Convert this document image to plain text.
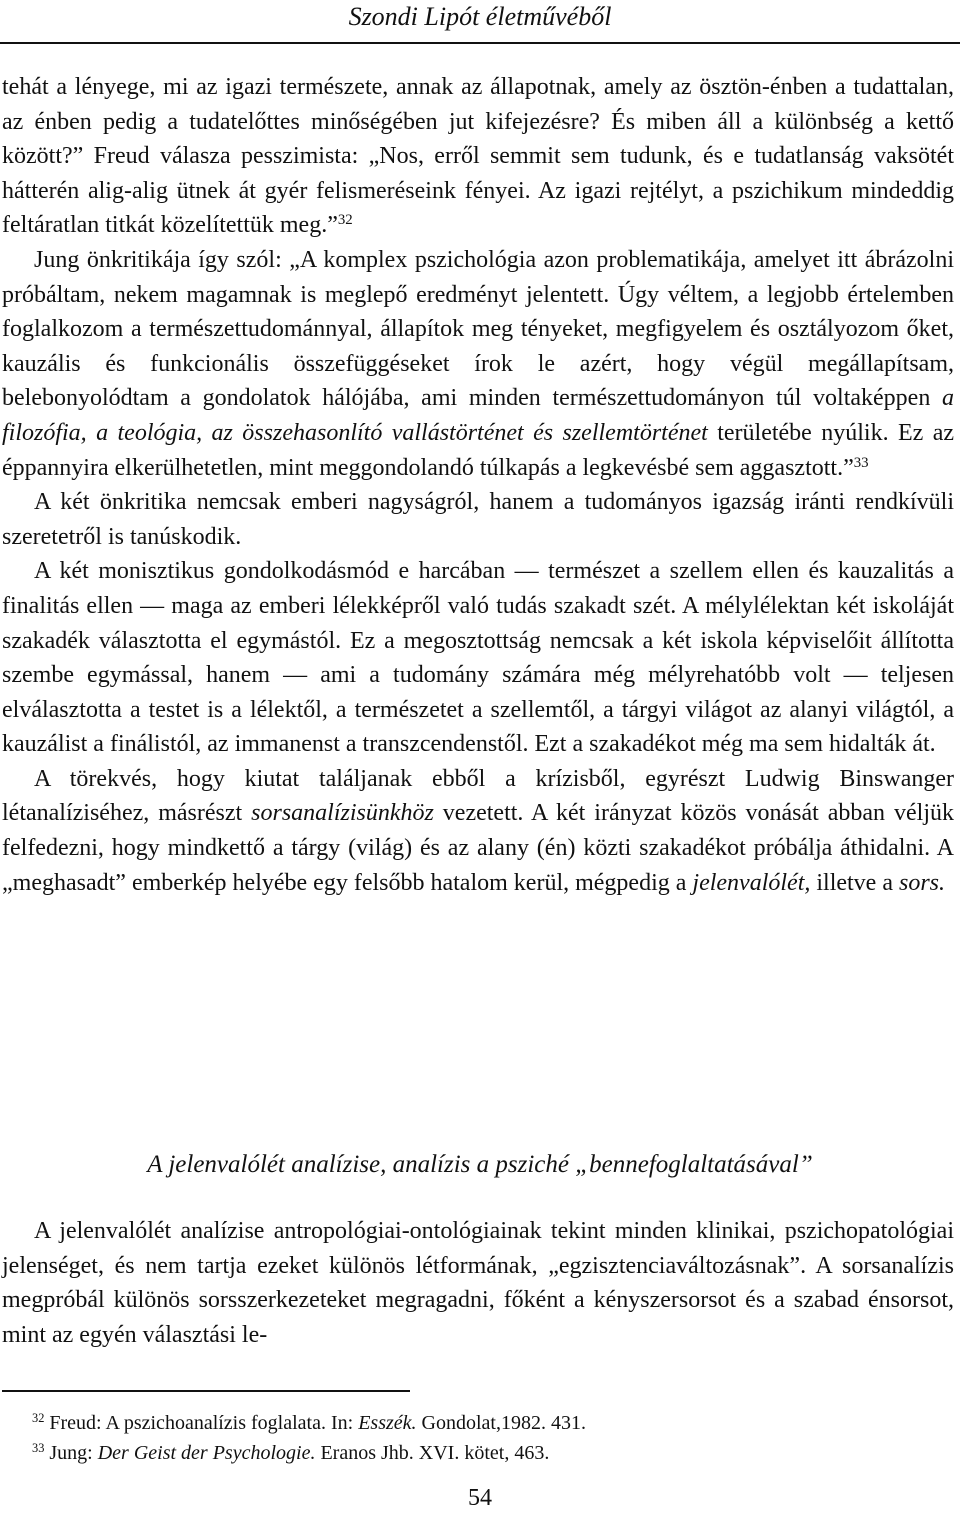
Szondi Lipót életművéből

tehát a lényege, mi az igazi természete, annak az állapotnak, amely az ösztön-énben a tudattalan, az énben pedig a tudatelőttes minőségében jut kifejezésre? És miben áll a különbség a kettő között?” Freud válasza pesszimista: „Nos, erről semmit sem tudunk, és e tudatlanság vaksötét hátterén alig-alig ütnek át gyér felismeréseink fényei. Az igazi rejtélyt, a pszichikum mindeddig feltáratlan titkát közelítettük meg.”$^{32}$

Jung önkritikája így szól: „A komplex pszichológia azon problematikája, amelyet itt ábrázolni próbáltam, nekem magamnak is meglepő eredményt jelentett. Úgy véltem, a legjobb értelemben foglalkozom a természettudománnyal, állapítok meg tényeket, megfigyelem és osztályozom őket, kauzális és funkcionális összefüggéseket írok le azért, hogy végül megállapítsam, belebonyolódtam a gondolatok hálójába, ami minden természettudományon túl voltaképpen a filozófia, a teológia, az összehasonlító vallástörténet és szellemtörténet területébe nyúlik. Ez az éppannyira elkerülhetetlen, mint meggondolandó túlkapás a legkevésbé sem aggasztott.”$^{33}$

A két önkritika nemcsak emberi nagyságról, hanem a tudományos igazság iránti rendkívüli szeretetről is tanúskodik.

A két monisztikus gondolkodásmód e harcában — természet a szellem ellen és kauzalitás a finalitás ellen — maga az emberi lélekképről való tudás szakadt szét. A mélylélektan két iskoláját szakadék választotta el egymástól. Ez a megosztottság nemcsak a két iskola képviselőit állította szembe egymással, hanem — ami a tudomány számára még mélyrehatóbb volt — teljesen elválasztotta a testet is a lélektől, a természetet a szellemtől, a tárgyi világot az alanyi világtól, a kauzálist a finálistól, az immanenst a transzcendenstől. Ezt a szakadékot még ma sem hidalták át.

A törekvés, hogy kiutat találjanak ebből a krízisből, egyrészt Ludwig Binswanger létanalíziséhez, másrészt sorsanalízisünkhöz vezetett. A két irányzat közös vonását abban véljük felfedezni, hogy mindkettő a tárgy (világ) és az alany (én) közti szakadékot próbálja áthidalni. A „meghasadt” emberkép helyébe egy felsőbb hatalom kerül, mégpedig a jelenvalólét, illetve a sors.

A jelenvalólét analízise, analízis a psziché „bennefoglaltatásával”

A jelenvalólét analízise antropológiai-ontológiainak tekint minden klinikai, pszichopatológiai jelenséget, és nem tartja ezeket különös létformának, „egzisztenciaváltozásnak”. A sorsanalízis megpróbál különös sorsszerkezeteket megragadni, főként a kényszersorsot és a szabad énsorsot, mint az egyén választási le-

$^{32}$ Freud: A pszichoanalízis foglalata. In: Esszék. Gondolat,1982. 431.

$^{33}$ Jung: Der Geist der Psychologie. Eranos Jhb. XVI. kötet, 463.

54
